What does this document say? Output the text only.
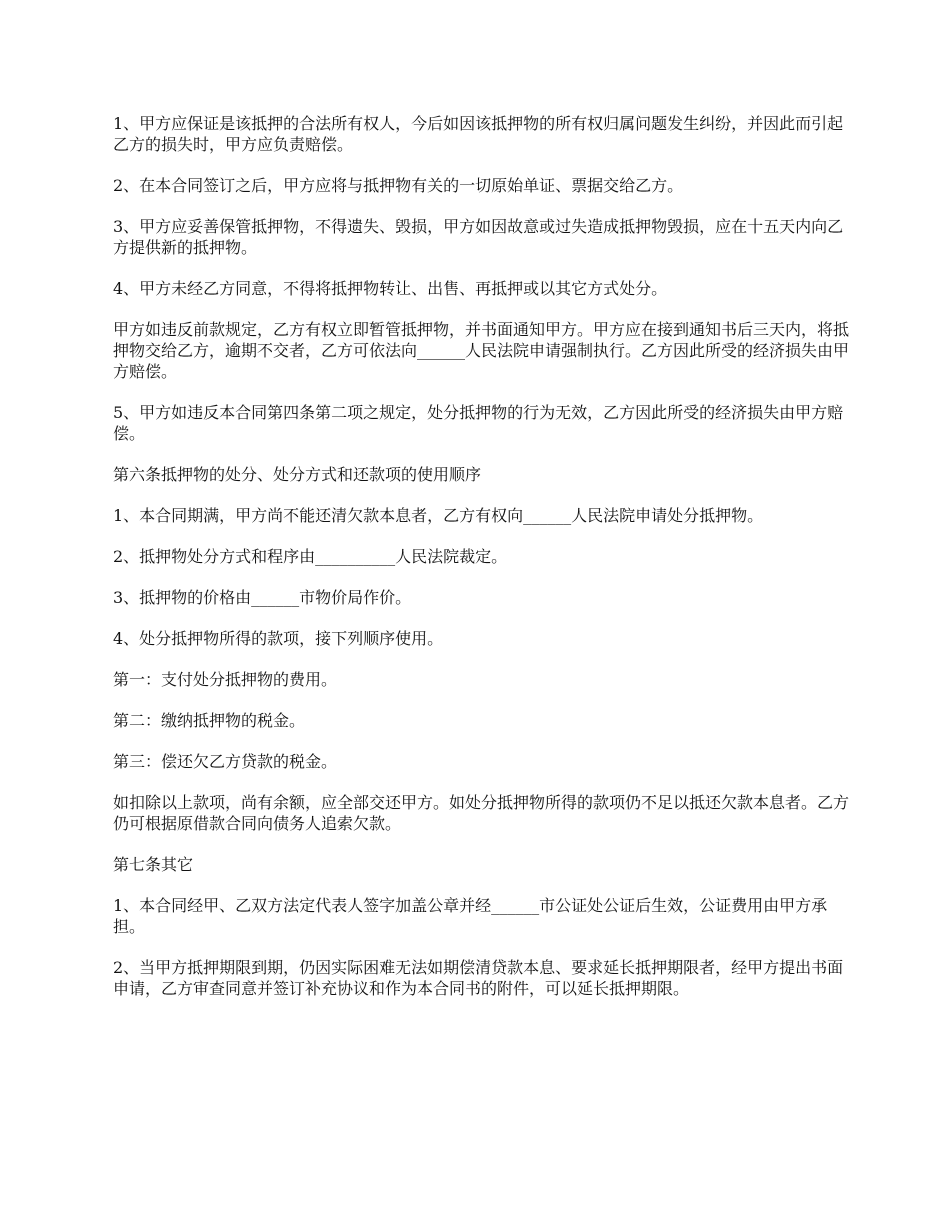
1、甲方应保证是该抵押的合法所有权人，今后如因该抵押物的所有权归属问题发生纠纷，并因此而引起乙方的损失时，甲方应负责赔偿。

2、在本合同签订之后，甲方应将与抵押物有关的一切原始单证、票据交给乙方。

3、甲方应妥善保管抵押物，不得遗失、毁损，甲方如因故意或过失造成抵押物毁损，应在十五天内向乙方提供新的抵押物。

4、甲方未经乙方同意，不得将抵押物转让、出售、再抵押或以其它方式处分。

甲方如违反前款规定，乙方有权立即暂管抵押物，并书面通知甲方。甲方应在接到通知书后三天内，将抵押物交给乙方，逾期不交者，乙方可依法向______人民法院申请强制执行。乙方因此所受的经济损失由甲方赔偿。

5、甲方如违反本合同第四条第二项之规定，处分抵押物的行为无效，乙方因此所受的经济损失由甲方赔偿。

第六条抵押物的处分、处分方式和还款项的使用顺序

1、本合同期满，甲方尚不能还清欠款本息者，乙方有权向______人民法院申请处分抵押物。

2、抵押物处分方式和程序由__________人民法院裁定。

3、抵押物的价格由______市物价局作价。

4、处分抵押物所得的款项，接下列顺序使用。

第一：支付处分抵押物的费用。

第二：缴纳抵押物的税金。

第三：偿还欠乙方贷款的税金。

如扣除以上款项，尚有余额，应全部交还甲方。如处分抵押物所得的款项仍不足以抵还欠款本息者。乙方仍可根据原借款合同向债务人追索欠款。

第七条其它

1、本合同经甲、乙双方法定代表人签字加盖公章并经______市公证处公证后生效，公证费用由甲方承担。

2、当甲方抵押期限到期，仍因实际困难无法如期偿清贷款本息、要求延长抵押期限者，经甲方提出书面申请，乙方审查同意并签订补充协议和作为本合同书的附件，可以延长抵押期限。
